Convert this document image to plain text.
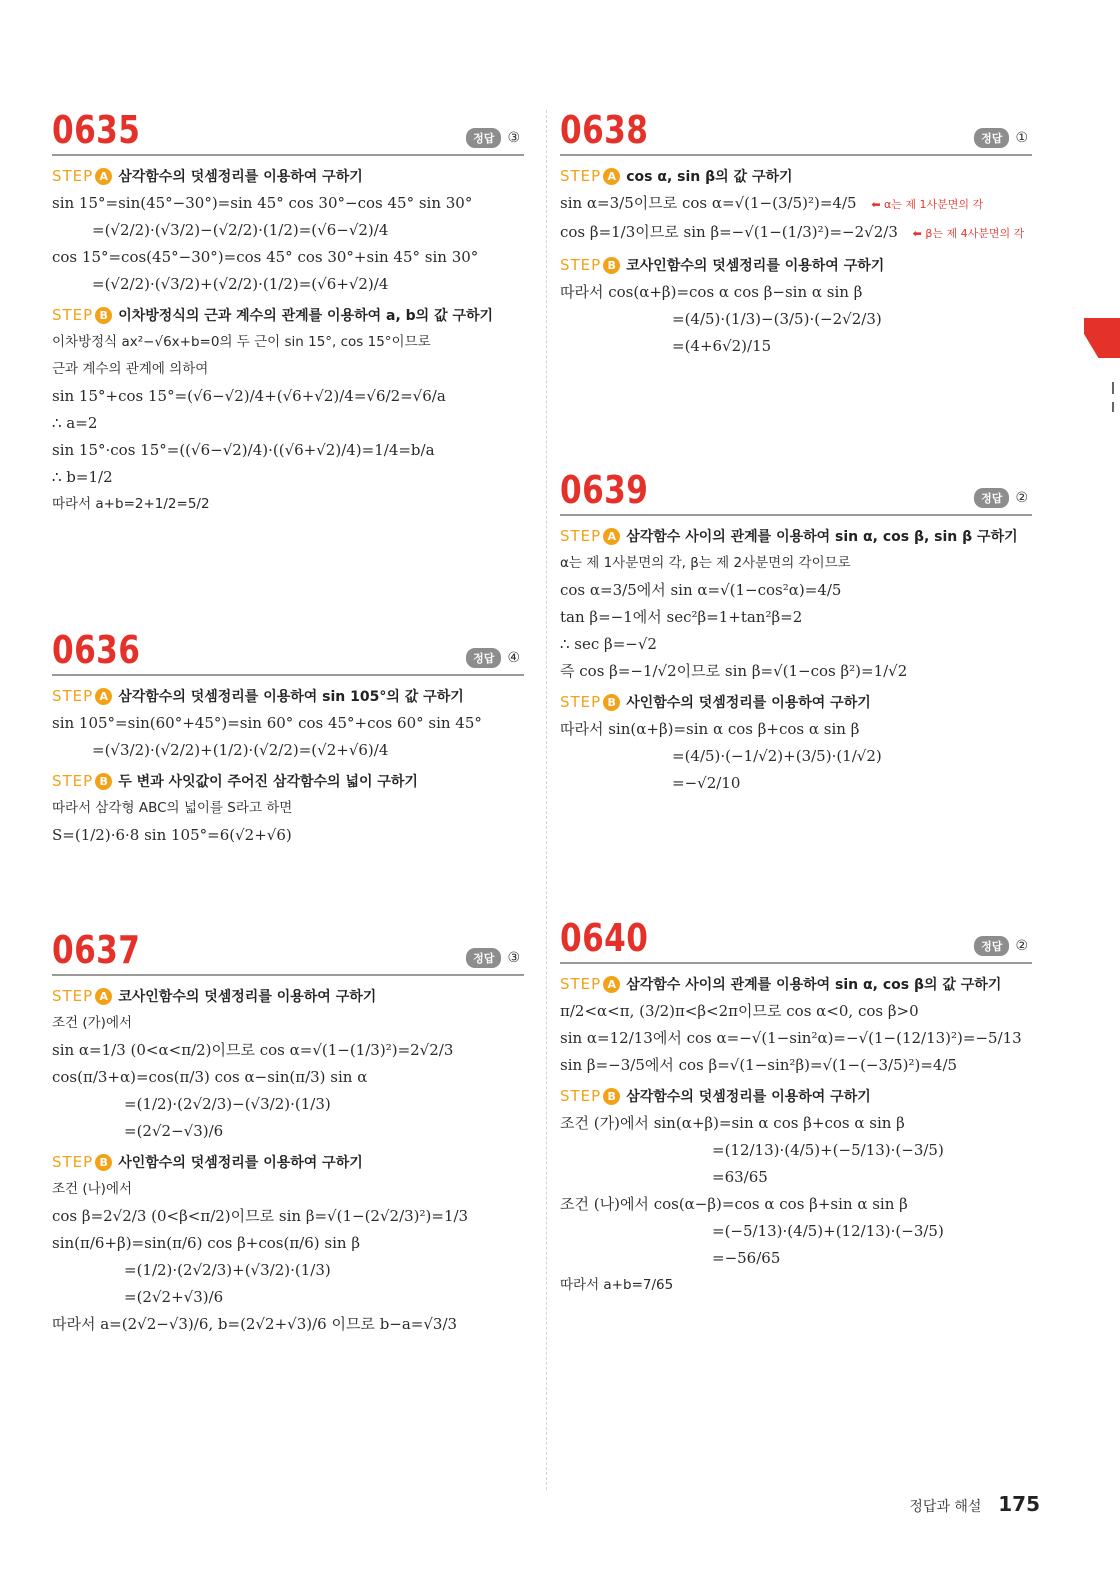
0635	정답 ③
STEP A 삼각함수의 덧셈정리를 이용하여 구하기
sin 15°=sin(45°−30°)=sin 45° cos 30°−cos 45° sin 30°
=(√2/2)·(√3/2)−(√2/2)·(1/2)=(√6−√2)/4
cos 15°=cos(45°−30°)=cos 45° cos 30°+sin 45° sin 30°
=(√2/2)·(√3/2)+(√2/2)·(1/2)=(√6+√2)/4
STEP B 이차방정식의 근과 계수의 관계를 이용하여 a, b의 값 구하기
이차방정식 ax²−√6x+b=0의 두 근이 sin 15°, cos 15°이므로
근과 계수의 관계에 의하여
sin 15°+cos 15°=(√6−√2)/4+(√6+√2)/4=√6/2=√6/a
∴ a=2
sin 15°·cos 15°=((√6−√2)/4)·((√6+√2)/4)=1/4=b/a
∴ b=1/2
따라서 a+b=2+1/2=5/2
0636	정답 ④
STEP A 삼각함수의 덧셈정리를 이용하여 sin 105°의 값 구하기
sin 105°=sin(60°+45°)=sin 60° cos 45°+cos 60° sin 45°
=(√3/2)·(√2/2)+(1/2)·(√2/2)=(√2+√6)/4
STEP B 두 변과 사잇값이 주어진 삼각함수의 넓이 구하기
따라서 삼각형 ABC의 넓이를 S라고 하면
S=(1/2)·6·8 sin 105°=6(√2+√6)
0637	정답 ③
STEP A 코사인함수의 덧셈정리를 이용하여 구하기
조건 (가)에서
sin α=1/3 (0<α<π/2)이므로 cos α=√(1−(1/3)²)=2√2/3
cos(π/3+α)=cos(π/3) cos α−sin(π/3) sin α
=(1/2)·(2√2/3)−(√3/2)·(1/3)
=(2√2−√3)/6
STEP B 사인함수의 덧셈정리를 이용하여 구하기
조건 (나)에서
cos β=2√2/3 (0<β<π/2)이므로 sin β=√(1−(2√2/3)²)=1/3
sin(π/6+β)=sin(π/6) cos β+cos(π/6) sin β
=(1/2)·(2√2/3)+(√3/2)·(1/3)
=(2√2+√3)/6
따라서 a=(2√2−√3)/6, b=(2√2+√3)/6 이므로 b−a=√3/3
0638	정답 ①
STEP A cos α, sin β의 값 구하기
sin α=3/5이므로 cos α=√(1−(3/5)²)=4/5 ⬅ α는 제 1사분면의 각
cos β=1/3이므로 sin β=−√(1−(1/3)²)=−2√2/3 ⬅ β는 제 4사분면의 각
STEP B 코사인함수의 덧셈정리를 이용하여 구하기
따라서 cos(α+β)=cos α cos β−sin α sin β
=(4/5)·(1/3)−(3/5)·(−2√2/3)
=(4+6√2)/15
0639	정답 ②
STEP A 삼각함수 사이의 관계를 이용하여 sin α, cos β, sin β 구하기
α는 제 1사분면의 각, β는 제 2사분면의 각이므로
cos α=3/5에서 sin α=√(1−cos²α)=4/5
tan β=−1에서 sec²β=1+tan²β=2
∴ sec β=−√2
즉 cos β=−1/√2이므로 sin β=√(1−cos β²)=1/√2
STEP B 사인함수의 덧셈정리를 이용하여 구하기
따라서 sin(α+β)=sin α cos β+cos α sin β
=(4/5)·(−1/√2)+(3/5)·(1/√2)
=−√2/10
0640	정답 ②
STEP A 삼각함수 사이의 관계를 이용하여 sin α, cos β의 값 구하기
π/2<α<π, (3/2)π<β<2π이므로 cos α<0, cos β>0
sin α=12/13에서 cos α=−√(1−sin²α)=−√(1−(12/13)²)=−5/13
sin β=−3/5에서 cos β=√(1−sin²β)=√(1−(−3/5)²)=4/5
STEP B 삼각함수의 덧셈정리를 이용하여 구하기
조건 (가)에서 sin(α+β)=sin α cos β+cos α sin β
=(12/13)·(4/5)+(−5/13)·(−3/5)
=63/65
조건 (나)에서 cos(α−β)=cos α cos β+sin α sin β
=(−5/13)·(4/5)+(12/13)·(−3/5)
=−56/65
따라서 a+b=7/65
정답과 해설 175
